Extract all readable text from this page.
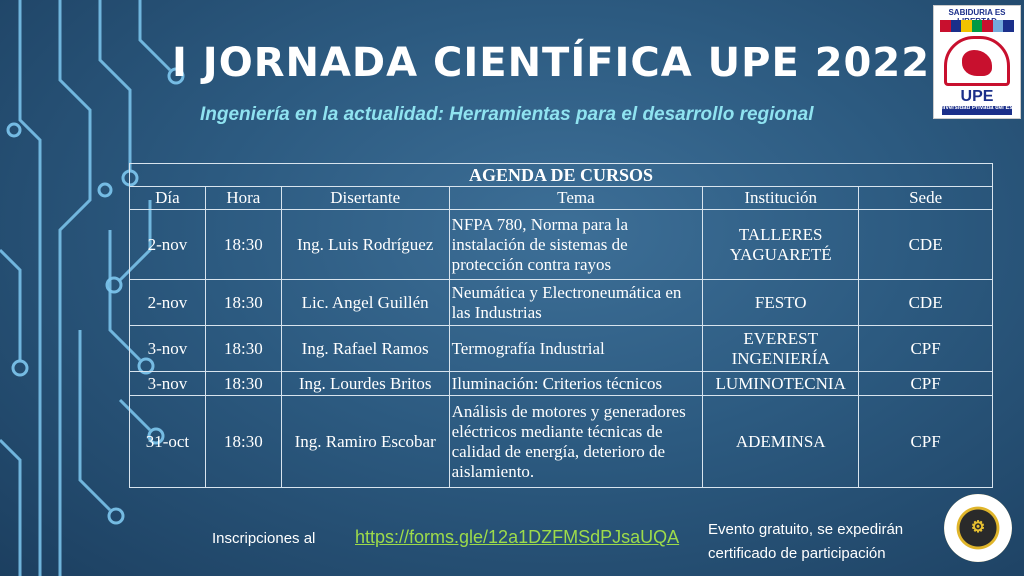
I JORNADA CIENTÍFICA UPE 2022
Ingeniería en la actualidad: Herramientas para el desarrollo regional
SABIDURIA ES
UPE
Universidad Privada del Este
AGENDA DE CURSOS					
Día	Hora	Disertante	Tema	Institución	Sede
2-nov	18:30	Ing. Luis Rodríguez	NFPA 780, Norma para la instalación de sistemas de protección contra rayos	TALLERES YAGUARETÉ	CDE
2-nov	18:30	Lic. Angel Guillén	Neumática y Electroneumática en las Industrias	FESTO	CDE
3-nov	18:30	Ing. Rafael Ramos	Termografía Industrial	EVEREST INGENIERÍA	CPF
3-nov	18:30	Ing. Lourdes Britos	Iluminación: Criterios técnicos	LUMINOTECNIA	CPF
31-oct	18:30	Ing. Ramiro Escobar	Análisis de motores y generadores eléctricos mediante técnicas de calidad de energía, deterioro de aislamiento.	ADEMINSA	CPF
Inscripciones al https://forms.gle/12a1DZFMSdPJsaUQA Evento gratuito, se expedirán
certificado de participación
⚙
